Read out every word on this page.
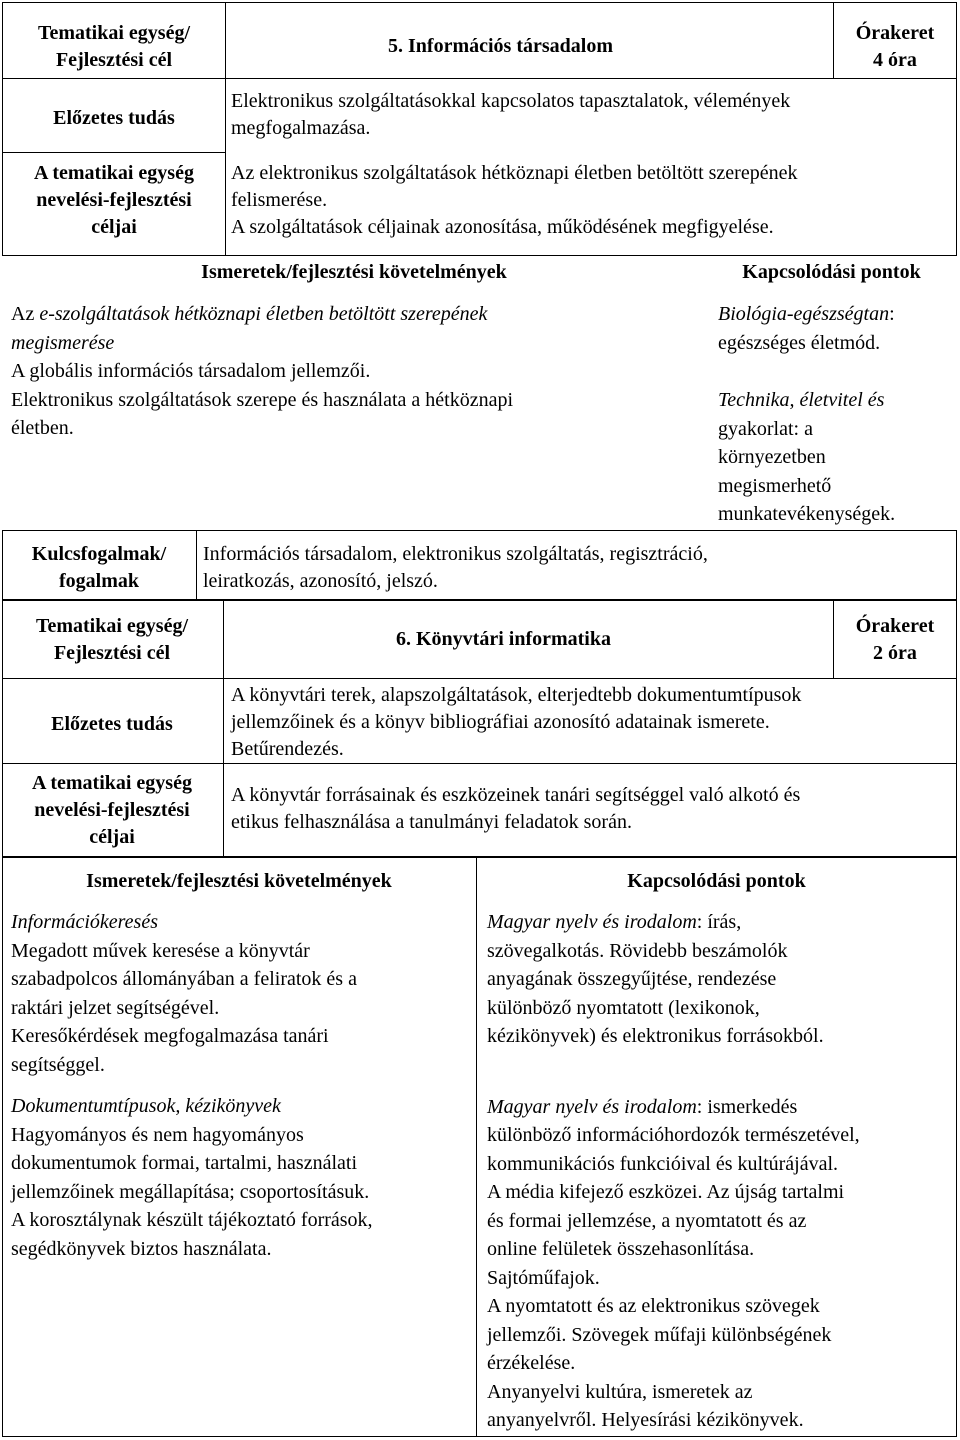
Tematikai egység/
Fejlesztési cél
5. Információs társadalom
Órakeret
4 óra
Előzetes tudás
Elektronikus szolgáltatásokkal kapcsolatos tapasztalatok, vélemények
megfogalmazása.
A tematikai egység
nevelési-fejlesztési
céljai
Az elektronikus szolgáltatások hétköznapi életben betöltött szerepének
felismerése.
A szolgáltatások céljainak azonosítása, működésének megfigyelése.
Ismeretek/fejlesztési követelmények	Kapcsolódási pontok
Az e-szolgáltatások hétköznapi életben betöltött szerepének
megismerése
A globális információs társadalom jellemzői.
Elektronikus szolgáltatások szerepe és használata a hétköznapi
életben.
Biológia-egészségtan:
egészséges életmód.
Technika, életvitel és
gyakorlat: a
környezetben
megismerhető
munkatevékenységek.
Kulcsfogalmak/
fogalmak
Információs társadalom, elektronikus szolgáltatás, regisztráció,
leiratkozás, azonosító, jelszó.
Tematikai egység/
Fejlesztési cél
6. Könyvtári informatika
Órakeret
2 óra
Előzetes tudás
A könyvtári terek, alapszolgáltatások, elterjedtebb dokumentumtípusok
jellemzőinek és a könyv bibliográfiai azonosító adatainak ismerete.
Betűrendezés.
A tematikai egység
nevelési-fejlesztési
céljai
A könyvtár forrásainak és eszközeinek tanári segítséggel való alkotó és
etikus felhasználása a tanulmányi feladatok során.
Ismeretek/fejlesztési követelmények	Kapcsolódási pontok
Információkeresés
Megadott művek keresése a könyvtár
szabadpolcos állományában a feliratok és a
raktári jelzet segítségével.
Keresőkérdések megfogalmazása tanári
segítséggel.
Dokumentumtípusok, kézikönyvek
Hagyományos és nem hagyományos
dokumentumok formai, tartalmi, használati
jellemzőinek megállapítása; csoportosításuk.
A korosztálynak készült tájékoztató források,
segédkönyvek biztos használata.
Magyar nyelv és irodalom: írás,
szövegalkotás. Rövidebb beszámolók
anyagának összegyűjtése, rendezése
különböző nyomtatott (lexikonok,
kézikönyvek) és elektronikus forrásokból.
Magyar nyelv és irodalom: ismerkedés
különböző információhordozók természetével,
kommunikációs funkcióival és kultúrájával.
A média kifejező eszközei. Az újság tartalmi
és formai jellemzése, a nyomtatott és az
online felületek összehasonlítása.
Sajtóműfajok.
A nyomtatott és az elektronikus szövegek
jellemzői. Szövegek műfaji különbségének
érzékelése.
Anyanyelvi kultúra, ismeretek az
anyanyelvről. Helyesírási kézikönyvek.
